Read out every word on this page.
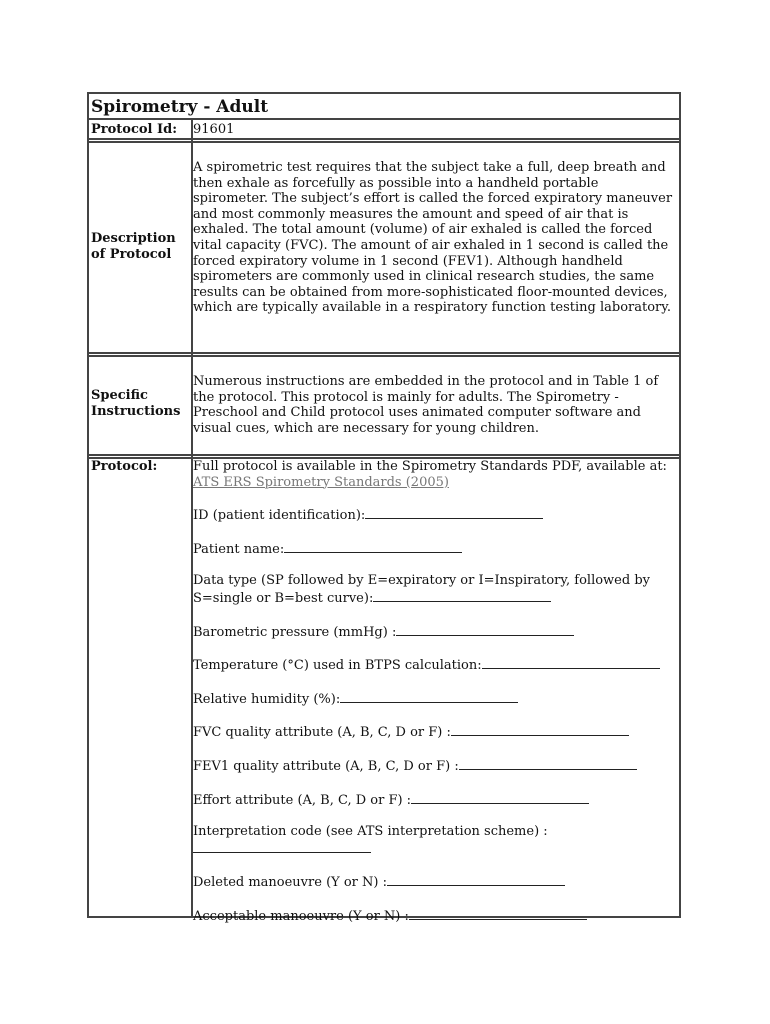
Spirometry - Adult
Protocol Id:	91601
Description
of Protocol
A spirometric test requires that the subject take a full, deep breath and then exhale as forcefully as possible into a handheld portable spirometer. The subject’s effort is called the forced expiratory maneuver and most commonly measures the amount and speed of air that is exhaled. The total amount (volume) of air exhaled is called the forced vital capacity (FVC). The amount of air exhaled in 1 second is called the forced expiratory volume in 1 second (FEV1). Although handheld spirometers are commonly used in clinical research studies, the same results can be obtained from more-sophisticated floor-mounted devices, which are typically available in a respiratory function testing laboratory.
Specific
Instructions
Numerous instructions are embedded in the protocol and in Table 1 of the protocol. This protocol is mainly for adults. The Spirometry - Preschool and Child protocol uses animated computer software and visual cues, which are necessary for young children.
Protocol:	Full protocol is available in the Spirometry Standards PDF, available at: ATS ERS Spirometry Standards (2005)
ID (patient identification):
Patient name:
Data type (SP followed by E=expiratory or I=Inspiratory, followed by S=single or B=best curve):
Barometric pressure (mmHg) :
Temperature (°C) used in BTPS calculation:
Relative humidity (%):
FVC quality attribute (A, B, C, D or F) :
FEV1 quality attribute (A, B, C, D or F) :
Effort attribute (A, B, C, D or F) :
Interpretation code (see ATS interpretation scheme) :
Deleted manoeuvre (Y or N) :
Acceptable manoeuvre (Y or N) :
